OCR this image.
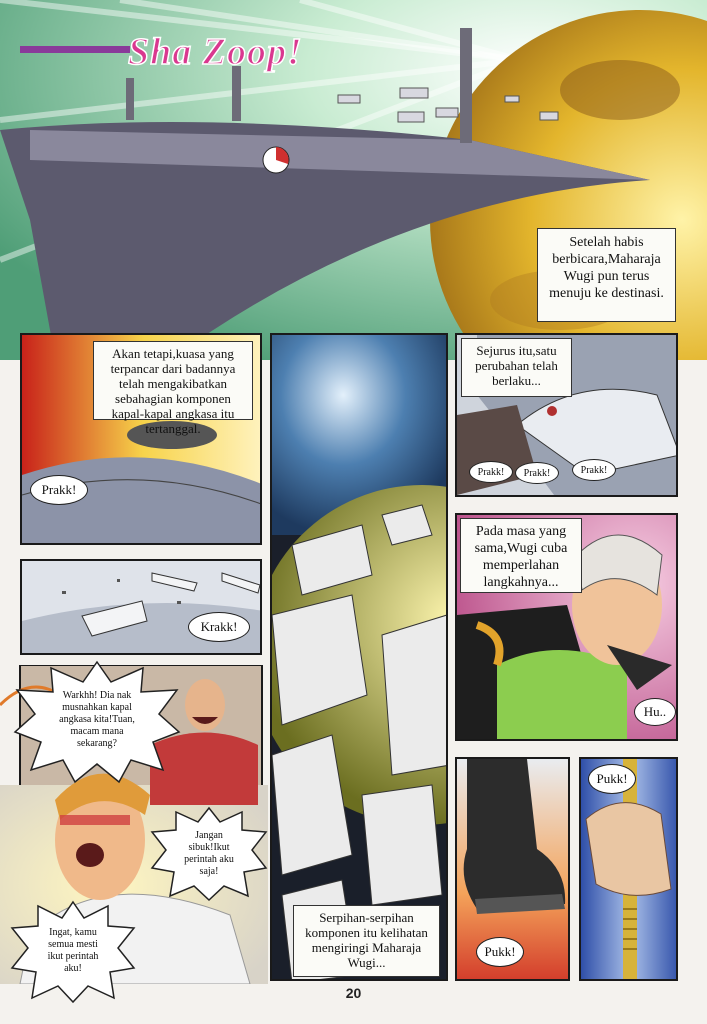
Sha Zoop!
Setelah habis berbicara,Maharaja Wugi pun terus menuju ke destinasi.
Akan tetapi,kuasa yang terpancar dari badannya telah mengakibatkan sebahagian komponen kapal-kapal angkasa itu tertanggal.
Prakk!
Krakk!
Serpihan-serpihan komponen itu kelihatan mengiringi Maharaja Wugi...
Sejurus itu,satu perubahan telah berlaku...
Prakk!	Prakk!	Prakk!
Pada masa yang sama,Wugi cuba memperlahan langkahnya...
Hu..
Pukk!
Pukk!
Warkhh! Dia nak musnahkan kapal angkasa kita!Tuan, macam mana sekarang?
Jangan sibuk!Ikut perintah aku saja!
Ingat, kamu semua mesti ikut perintah aku!
20
